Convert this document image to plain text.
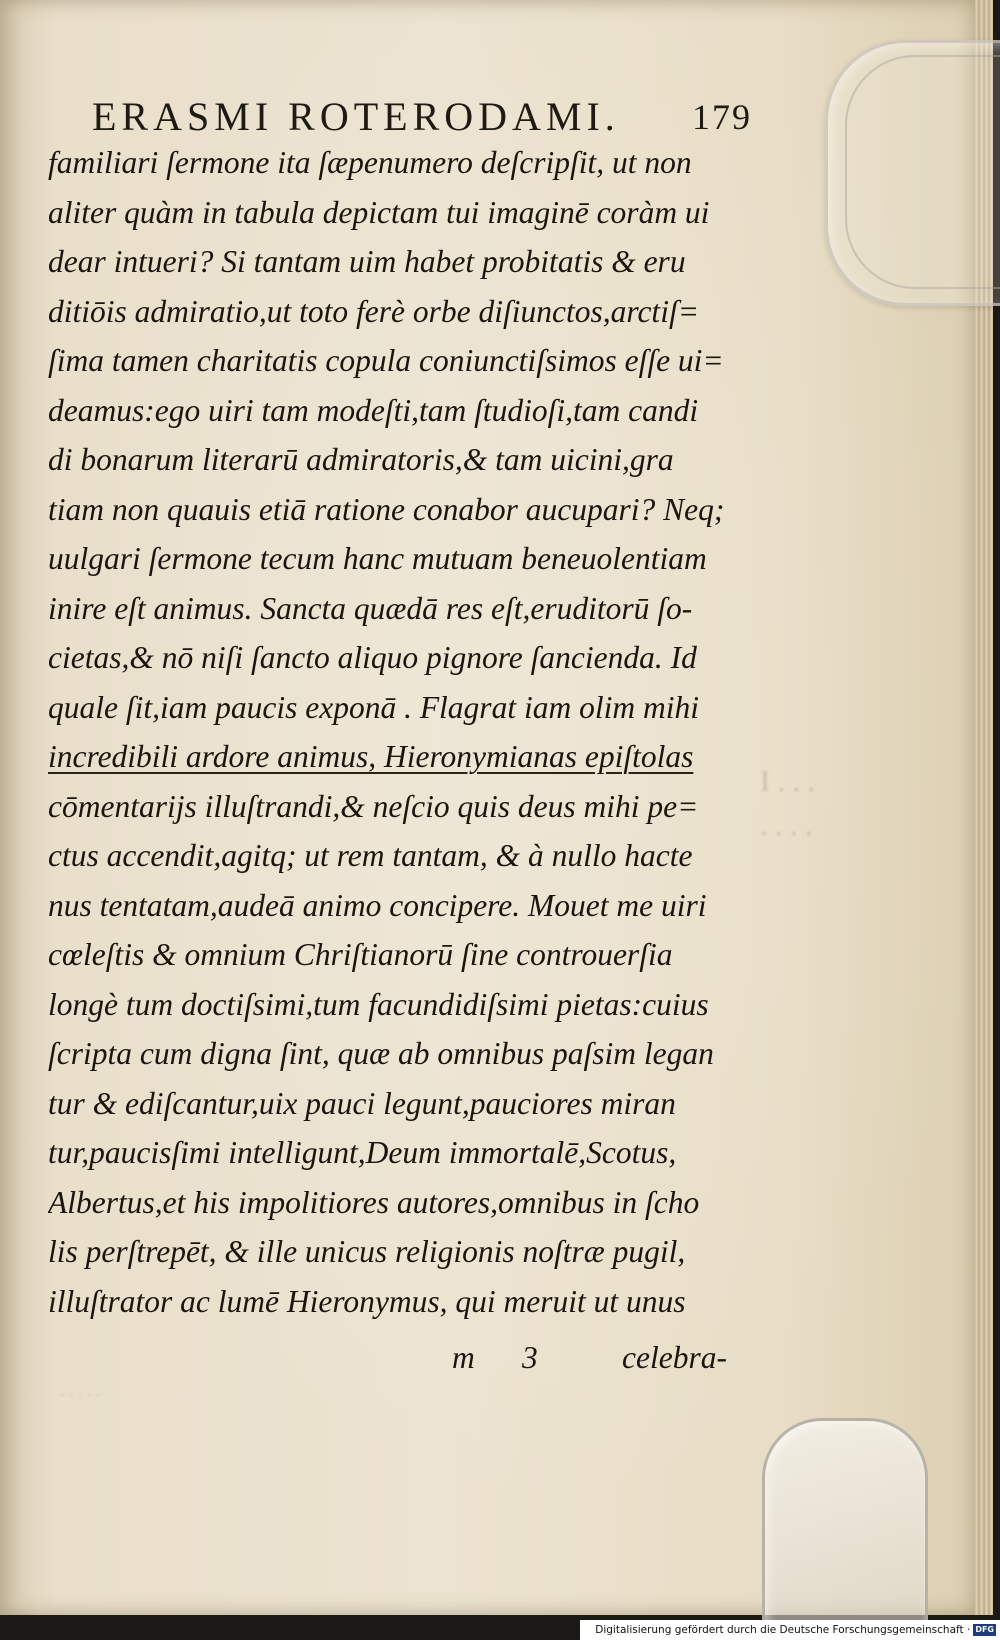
I . . .
. . . .
. . . . .
ERASMI ROTERODAMI. 179
familiari ſermone ita ſæpenumero deſcripſit, ut non
aliter quàm in tabula depictam tui imaginē coràm ui
dear intueri? Si tantam uim habet probitatis & eru
ditiōis admiratio,ut toto ferè orbe diſiunctos,arctiſ=
ſima tamen charitatis copula coniunctiſsimos eſſe ui=
deamus:ego uiri tam modeſti,tam ſtudioſi,tam candi
di bonarum literarū admiratoris,& tam uicini,gra
tiam non quauis etiā ratione conabor aucupari? Neq;
uulgari ſermone tecum hanc mutuam beneuolentiam
inire eſt animus. Sancta quædā res eſt,eruditorū ſo-
cietas,& nō niſi ſancto aliquo pignore ſancienda. Id
quale ſit,iam paucis exponā . Flagrat iam olim mihi
incredibili ardore animus, Hieronymianas epiſtolas
cōmentarijs illuſtrandi,& neſcio quis deus mihi pe=
ctus accendit,agitq; ut rem tantam, & à nullo hacte
nus tentatam,audeā animo concipere. Mouet me uiri
cœleſtis & omnium Chriſtianorū ſine controuerſia
longè tum doctiſsimi,tum facundidiſsimi pietas:cuius
ſcripta cum digna ſint, quæ ab omnibus paſsim legan
tur & ediſcantur,uix pauci legunt,pauciores miran
tur,paucisſimi intelligunt,Deum immortalē,Scotus,
Albertus,et his impolitiores autores,omnibus in ſcho
lis perſtrepēt, & ille unicus religionis noſtræ pugil,
illuſtrator ac lumē Hieronymus, qui meruit ut unus
m 3	celebra-
Digitalisierung gefördert durch die Deutsche Forschungsgemeinschaft · DFG
